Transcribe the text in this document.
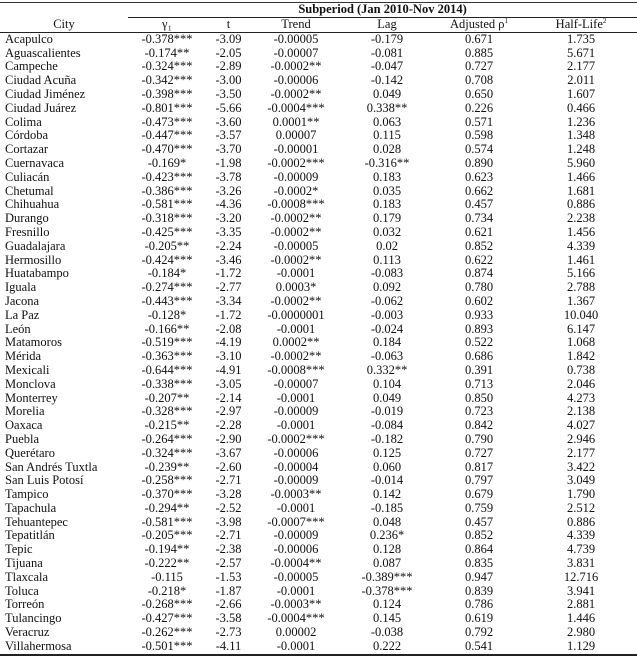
	Subperiod (Jan 2010-Nov 2014)					
City	γ₁	t	Trend	Lag	Adjusted $\rho^1$	Half-Life$^2$
Acapulco	-0.378***	-3.09	-0.00005	-0.179	0.671	1.735
Aguascalientes	-0.174**	-2.05	-0.00007	-0.081	0.885	5.671
Campeche	-0.324***	-2.89	-0.0002**	-0.047	0.727	2.177
Ciudad Acuña	-0.342***	-3.00	-0.00006	-0.142	0.708	2.011
Ciudad Jiménez	-0.398***	-3.50	-0.0002**	0.049	0.650	1.607
Ciudad Juárez	-0.801***	-5.66	-0.0004***	0.338**	0.226	0.466
Colima	-0.473***	-3.60	0.0001**	0.063	0.571	1.236
Córdoba	-0.447***	-3.57	0.00007	0.115	0.598	1.348
Cortazar	-0.470***	-3.70	-0.00001	0.028	0.574	1.248
Cuernavaca	-0.169*	-1.98	-0.0002***	-0.316**	0.890	5.960
Culiacán	-0.423***	-3.78	-0.00009	0.183	0.623	1.466
Chetumal	-0.386***	-3.26	-0.0002*	0.035	0.662	1.681
Chihuahua	-0.581***	-4.36	-0.0008***	0.183	0.457	0.886
Durango	-0.318***	-3.20	-0.0002**	0.179	0.734	2.238
Fresnillo	-0.425***	-3.35	-0.0002**	0.032	0.621	1.456
Guadalajara	-0.205**	-2.24	-0.00005	0.02	0.852	4.339
Hermosillo	-0.424***	-3.46	-0.0002**	0.113	0.622	1.461
Huatabampo	-0.184*	-1.72	-0.0001	-0.083	0.874	5.166
Iguala	-0.274***	-2.77	0.0003*	0.092	0.780	2.788
Jacona	-0.443***	-3.34	-0.0002**	-0.062	0.602	1.367
La Paz	-0.128*	-1.72	-0.0000001	-0.003	0.933	10.040
León	-0.166**	-2.08	-0.0001	-0.024	0.893	6.147
Matamoros	-0.519***	-4.19	0.0002**	0.184	0.522	1.068
Mérida	-0.363***	-3.10	-0.0002**	-0.063	0.686	1.842
Mexicali	-0.644***	-4.91	-0.0008***	0.332**	0.391	0.738
Monclova	-0.338***	-3.05	-0.00007	0.104	0.713	2.046
Monterrey	-0.207**	-2.14	-0.0001	0.049	0.850	4.273
Morelia	-0.328***	-2.97	-0.00009	-0.019	0.723	2.138
Oaxaca	-0.215**	-2.28	-0.0001	-0.084	0.842	4.027
Puebla	-0.264***	-2.90	-0.0002***	-0.182	0.790	2.946
Querétaro	-0.324***	-3.67	-0.00006	0.125	0.727	2.177
San Andrés Tuxtla	-0.239**	-2.60	-0.00004	0.060	0.817	3.422
San Luis Potosí	-0.258***	-2.71	-0.00009	-0.014	0.797	3.049
Tampico	-0.370***	-3.28	-0.0003**	0.142	0.679	1.790
Tapachula	-0.294**	-2.52	-0.0001	-0.185	0.759	2.512
Tehuantepec	-0.581***	-3.98	-0.0007***	0.048	0.457	0.886
Tepatitlán	-0.205***	-2.71	-0.00009	0.236*	0.852	4.339
Tepic	-0.194**	-2.38	-0.00006	0.128	0.864	4.739
Tijuana	-0.222**	-2.57	-0.0004**	0.087	0.835	3.831
Tlaxcala	-0.115	-1.53	-0.00005	-0.389***	0.947	12.716
Toluca	-0.218*	-1.87	-0.0001	-0.378***	0.839	3.941
Torreón	-0.268***	-2.66	-0.0003**	0.124	0.786	2.881
Tulancingo	-0.427***	-3.58	-0.0004***	0.145	0.619	1.446
Veracruz	-0.262***	-2.73	0.00002	-0.038	0.792	2.980
Villahermosa	-0.501***	-4.11	-0.0001	0.222	0.541	1.129
